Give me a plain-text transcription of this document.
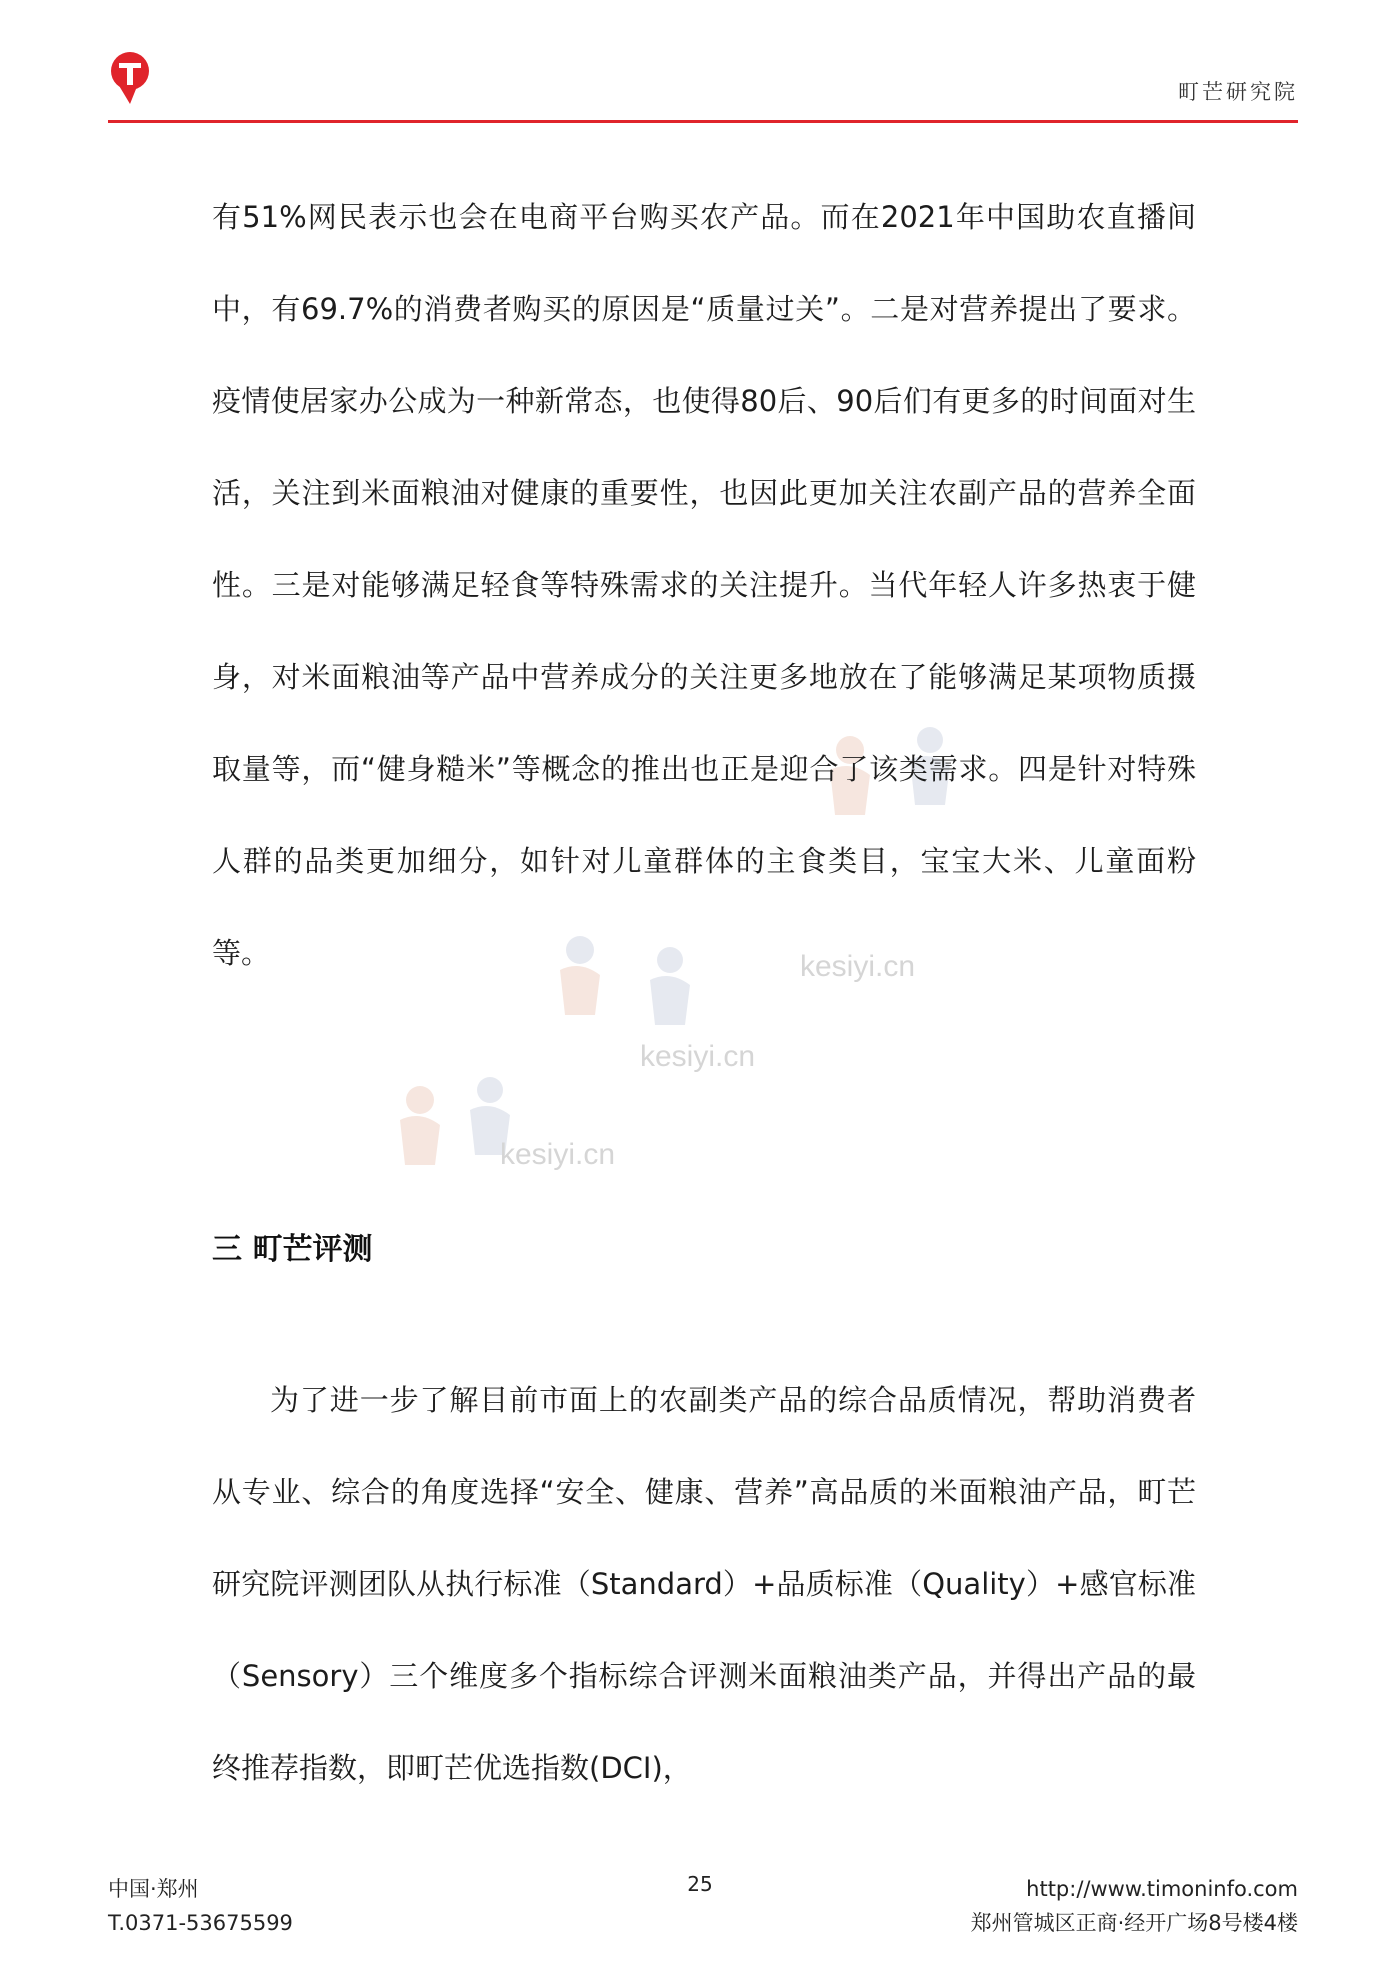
町芒研究院
kesiyi.cn
kesiyi.cn
kesiyi.cn

有51%网民表示也会在电商平台购买农产品。而在2021年中国助农直播间中，有69.7%的消费者购买的原因是“质量过关”。二是对营养提出了要求。疫情使居家办公成为一种新常态，也使得80后、90后们有更多的时间面对生活，关注到米面粮油对健康的重要性，也因此更加关注农副产品的营养全面性。三是对能够满足轻食等特殊需求的关注提升。当代年轻人许多热衷于健身，对米面粮油等产品中营养成分的关注更多地放在了能够满足某项物质摄取量等，而“健身糙米”等概念的推出也正是迎合了该类需求。四是针对特殊人群的品类更加细分，如针对儿童群体的主食类目，宝宝大米、儿童面粉等。

三 町芒评测

为了进一步了解目前市面上的农副类产品的综合品质情况，帮助消费者从专业、综合的角度选择“安全、健康、营养”高品质的米面粮油产品，町芒研究院评测团队从执行标准（Standard）+品质标准（Quality）+感官标准（Sensory）三个维度多个指标综合评测米面粮油类产品，并得出产品的最终推荐指数，即町芒优选指数(DCI)，

中国·郑州
T.0371-53675599
25	http://www.timoninfo.com
郑州管城区正商·经开广场8号楼4楼
